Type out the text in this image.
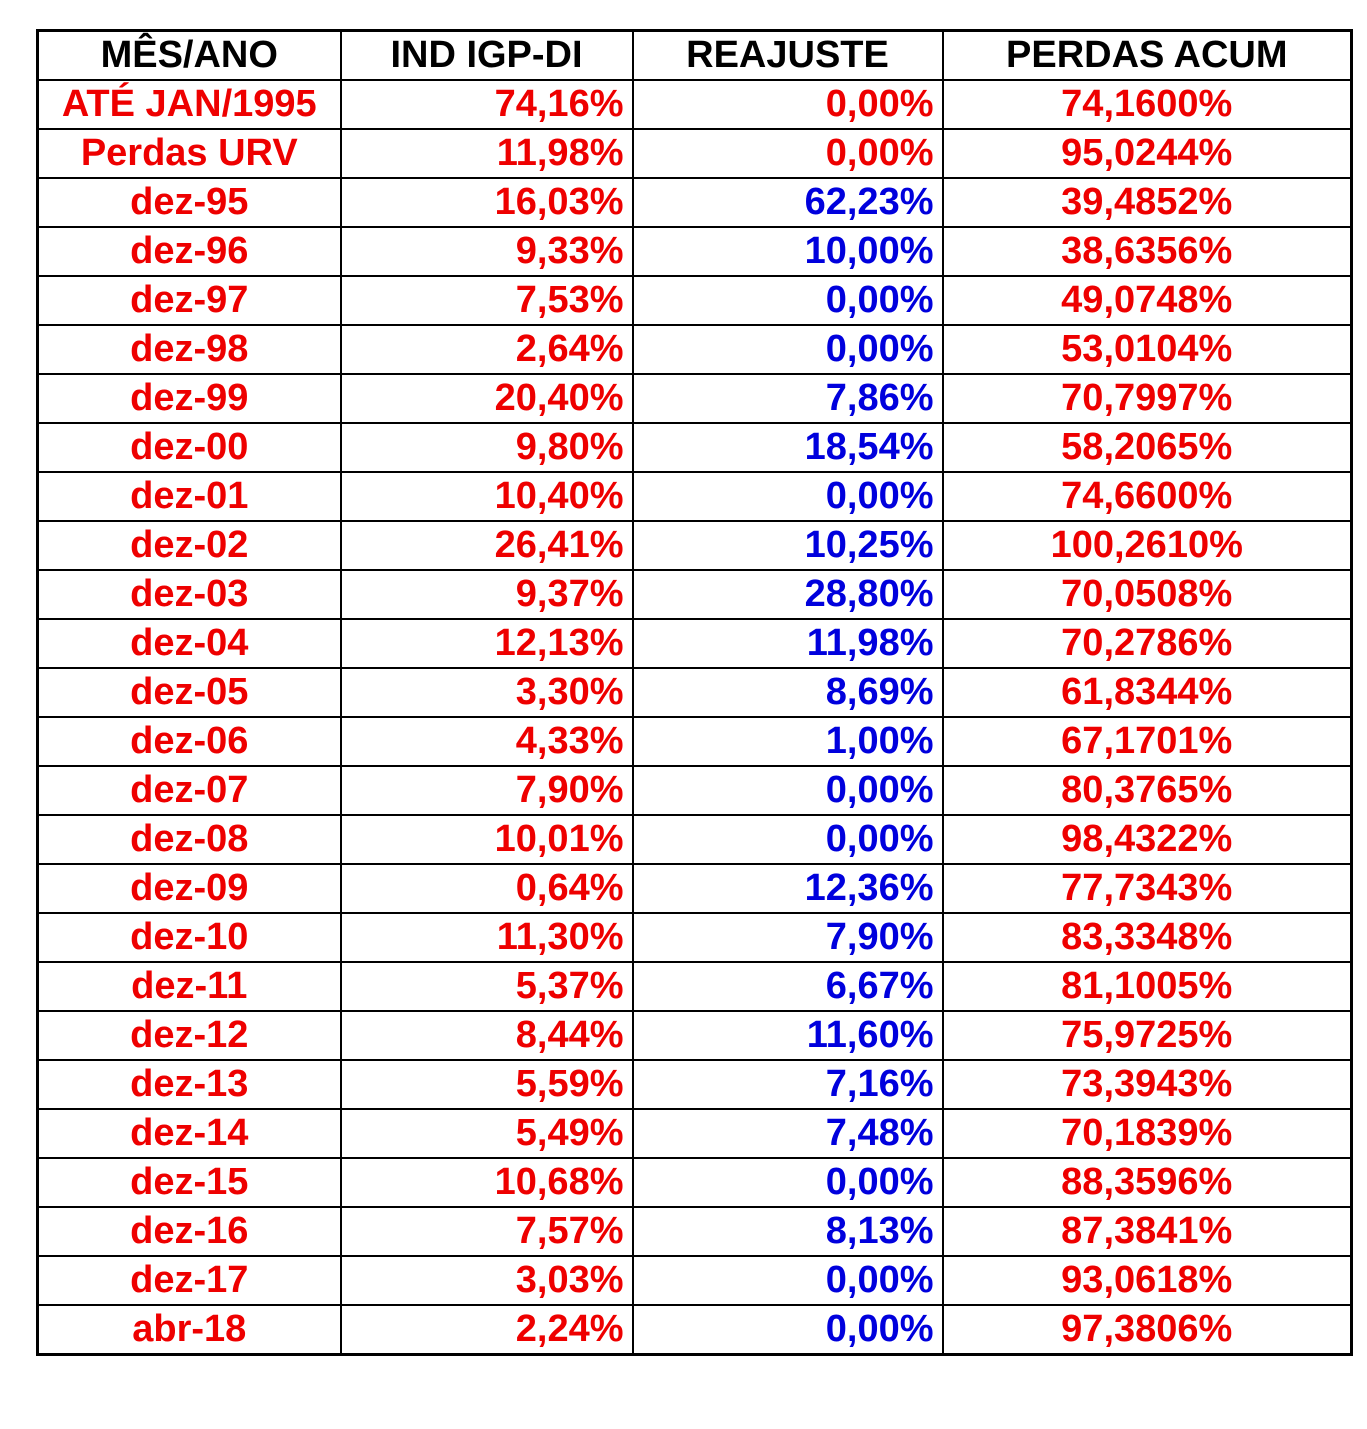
MÊS/ANO	IND IGP-DI	REAJUSTE	PERDAS ACUM
ATÉ JAN/1995	74,16%	0,00%	74,1600%
Perdas URV	11,98%	0,00%	95,0244%
dez-95	16,03%	62,23%	39,4852%
dez-96	9,33%	10,00%	38,6356%
dez-97	7,53%	0,00%	49,0748%
dez-98	2,64%	0,00%	53,0104%
dez-99	20,40%	7,86%	70,7997%
dez-00	9,80%	18,54%	58,2065%
dez-01	10,40%	0,00%	74,6600%
dez-02	26,41%	10,25%	100,2610%
dez-03	9,37%	28,80%	70,0508%
dez-04	12,13%	11,98%	70,2786%
dez-05	3,30%	8,69%	61,8344%
dez-06	4,33%	1,00%	67,1701%
dez-07	7,90%	0,00%	80,3765%
dez-08	10,01%	0,00%	98,4322%
dez-09	0,64%	12,36%	77,7343%
dez-10	11,30%	7,90%	83,3348%
dez-11	5,37%	6,67%	81,1005%
dez-12	8,44%	11,60%	75,9725%
dez-13	5,59%	7,16%	73,3943%
dez-14	5,49%	7,48%	70,1839%
dez-15	10,68%	0,00%	88,3596%
dez-16	7,57%	8,13%	87,3841%
dez-17	3,03%	0,00%	93,0618%
abr-18	2,24%	0,00%	97,3806%
